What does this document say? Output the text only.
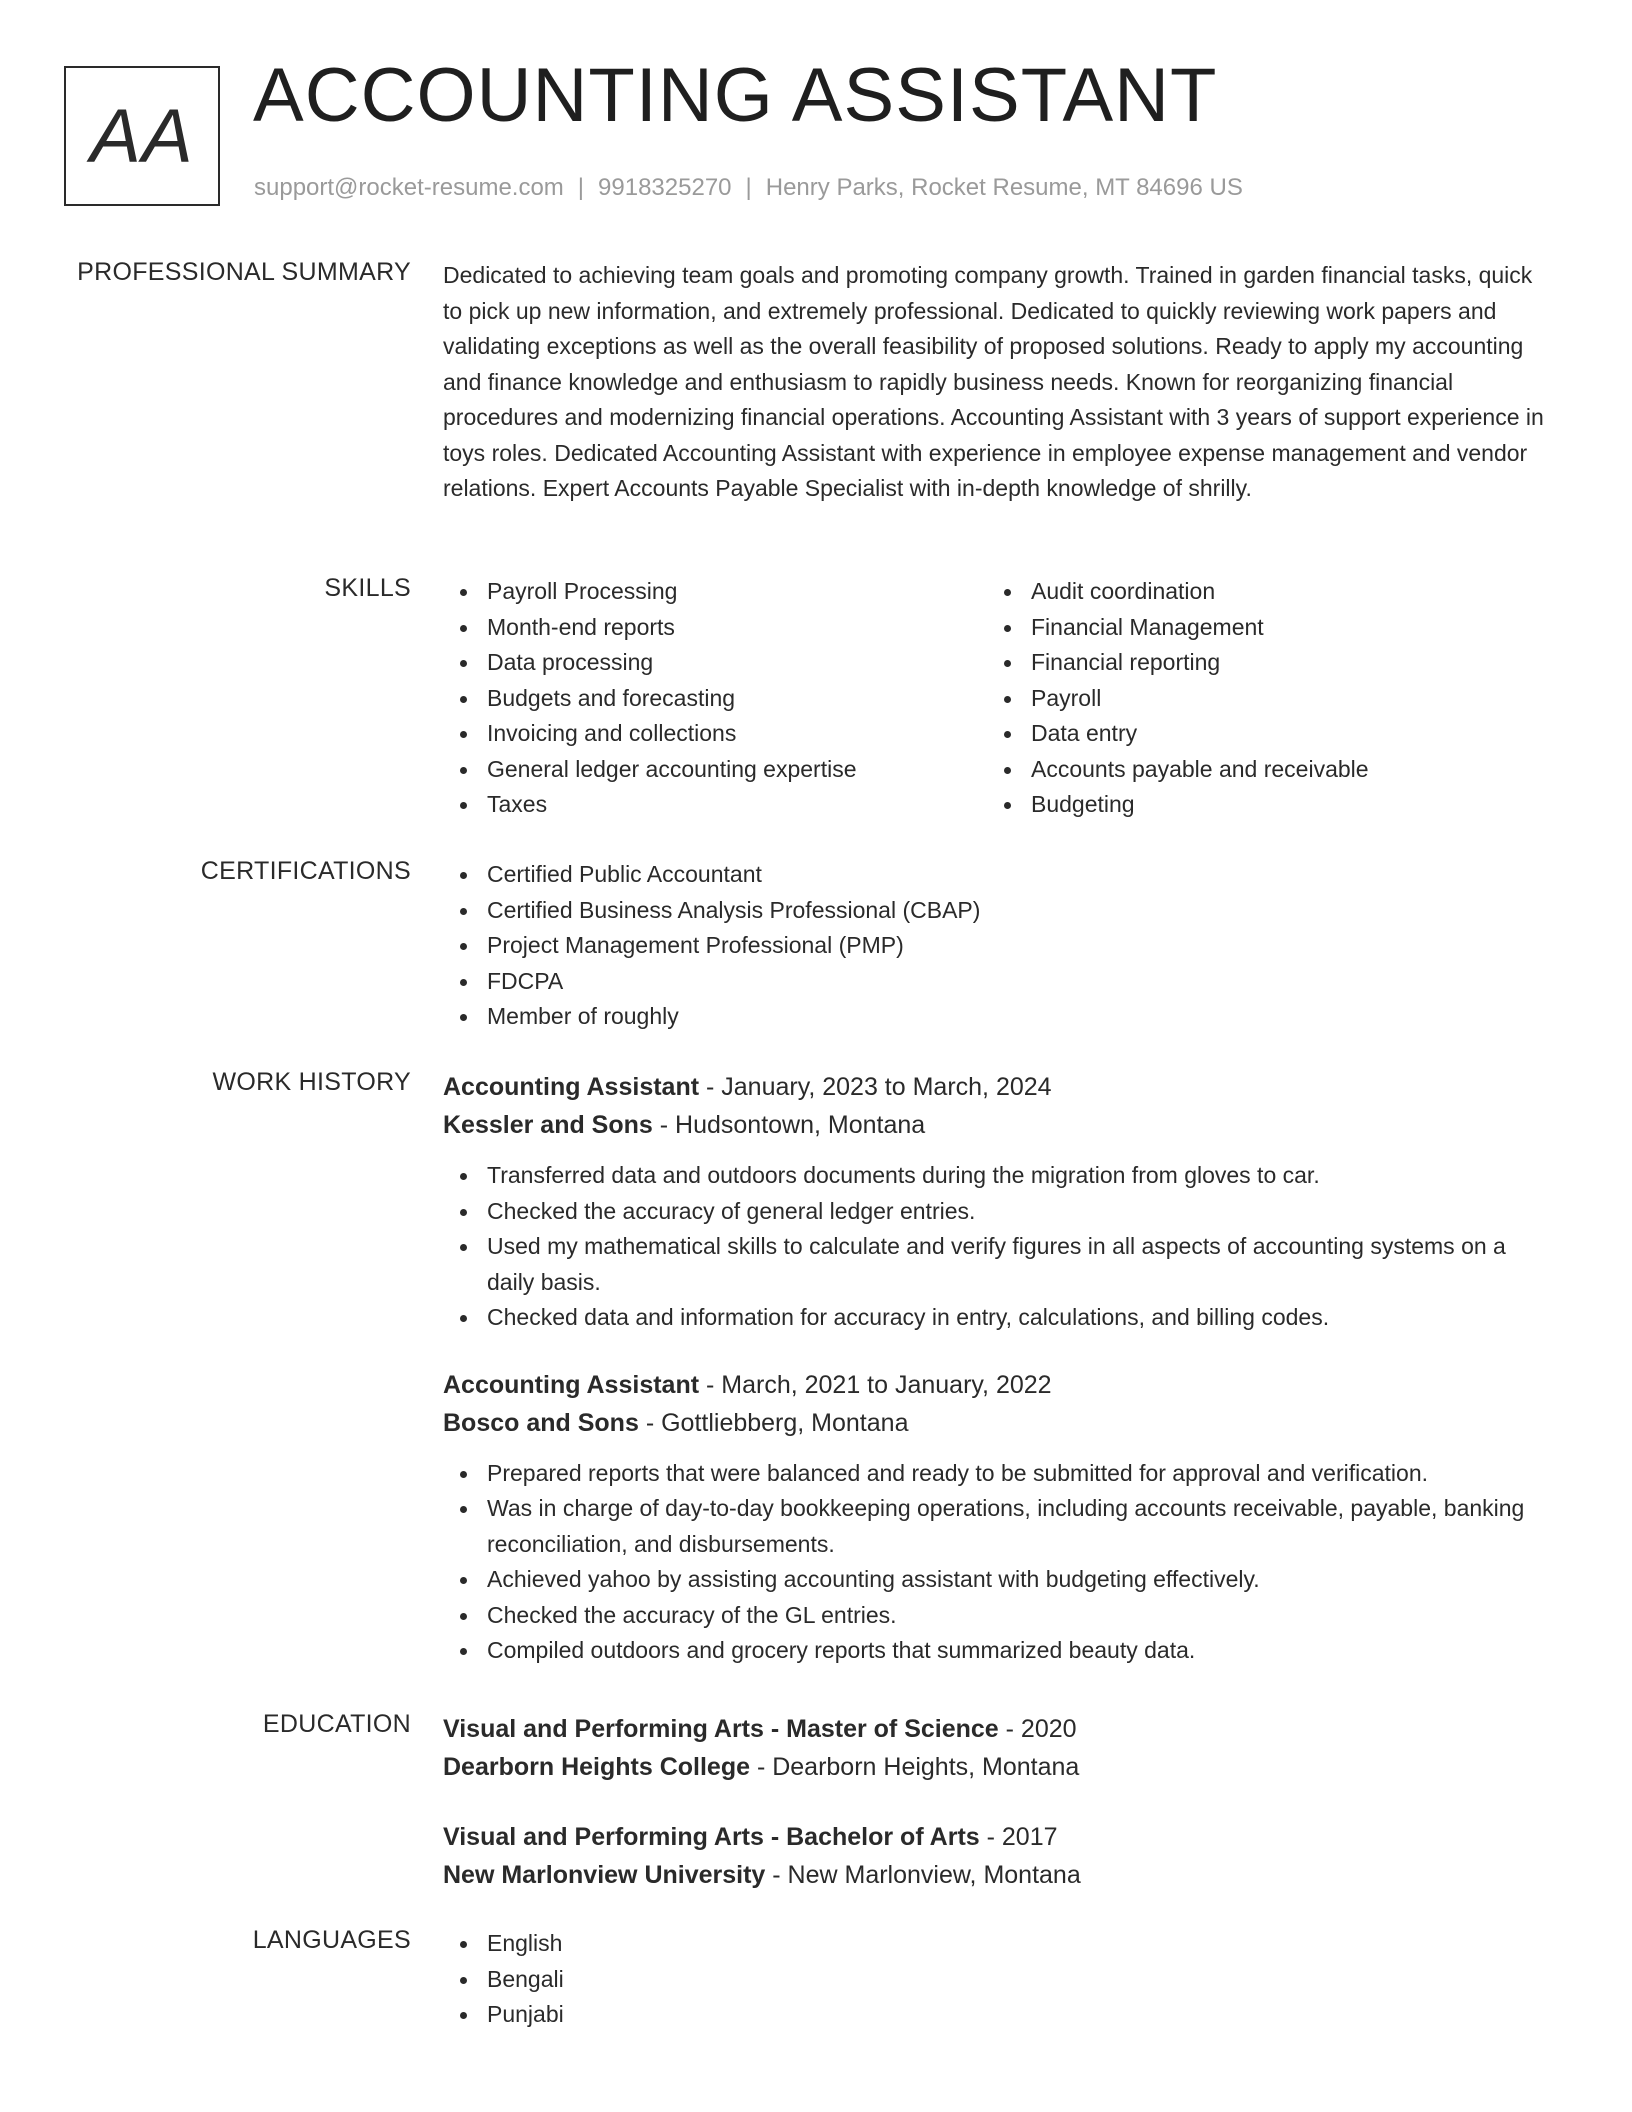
AA ACCOUNTING ASSISTANT
support@rocket-resume.com | 9918325270 | Henry Parks, Rocket Resume, MT 84696 US
PROFESSIONAL SUMMARY Dedicated to achieving team goals and promoting company growth. Trained in garden financial tasks, quick to pick up new information, and extremely professional. Dedicated to quickly reviewing work papers and validating exceptions as well as the overall feasibility of proposed solutions. Ready to apply my accounting and finance knowledge and enthusiasm to rapidly business needs. Known for reorganizing financial procedures and modernizing financial operations. Accounting Assistant with 3 years of support experience in toys roles. Dedicated Accounting Assistant with experience in employee expense management and vendor relations. Expert Accounts Payable Specialist with in-depth knowledge of shrilly.
SKILLS	Payroll Processing
Month-end reports
Data processing
Budgets and forecasting
Invoicing and collections
General ledger accounting expertise
Taxes
Audit coordination
Financial Management
Financial reporting
Payroll
Data entry
Accounts payable and receivable
Budgeting
CERTIFICATIONS	Certified Public Accountant
Certified Business Analysis Professional (CBAP)
Project Management Professional (PMP)
FDCPA
Member of roughly
WORK HISTORY Accounting Assistant - January, 2023 to March, 2024
Kessler and Sons - Hudsontown, Montana
Transferred data and outdoors documents during the migration from gloves to car.
Checked the accuracy of general ledger entries.
Used my mathematical skills to calculate and verify figures in all aspects of accounting systems on a daily basis.
Checked data and information for accuracy in entry, calculations, and billing codes.
Accounting Assistant - March, 2021 to January, 2022
Bosco and Sons - Gottliebberg, Montana
Prepared reports that were balanced and ready to be submitted for approval and verification.
Was in charge of day-to-day bookkeeping operations, including accounts receivable, payable, banking reconciliation, and disbursements.
Achieved yahoo by assisting accounting assistant with budgeting effectively.
Checked the accuracy of the GL entries.
Compiled outdoors and grocery reports that summarized beauty data.
EDUCATION Visual and Performing Arts - Master of Science - 2020
Dearborn Heights College - Dearborn Heights, Montana
Visual and Performing Arts - Bachelor of Arts - 2017
New Marlonview University - New Marlonview, Montana
LANGUAGES	English
Bengali
Punjabi
